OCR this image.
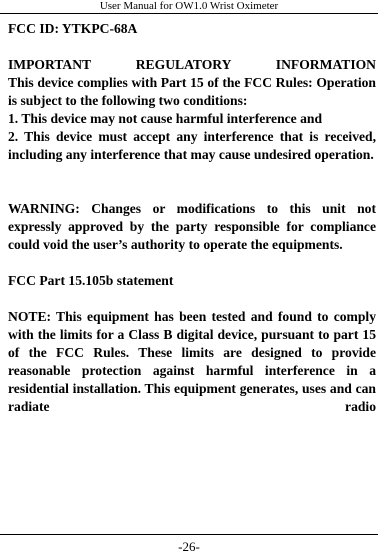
User Manual for OW1.0 Wrist Oximeter

FCC ID: YTKPC-68A

IMPORTANT REGULATORY INFORMATION

This device complies with Part 15 of the FCC Rules: Operation is subject to the following two conditions:

1. This device may not cause harmful interference and

2. This device must accept any interference that is received, including any interference that may cause undesired operation.

WARNING: Changes or modifications to this unit not expressly approved by the party responsible for compliance could void the user’s authority to operate the equipments.

FCC Part 15.105b statement

NOTE: This equipment has been tested and found to comply with the limits for a Class B digital device, pursuant to part 15 of the FCC Rules. These limits are designed to provide reasonable protection against harmful interference in a residential installation. This equipment generates, uses and can radiate radio

-26-
